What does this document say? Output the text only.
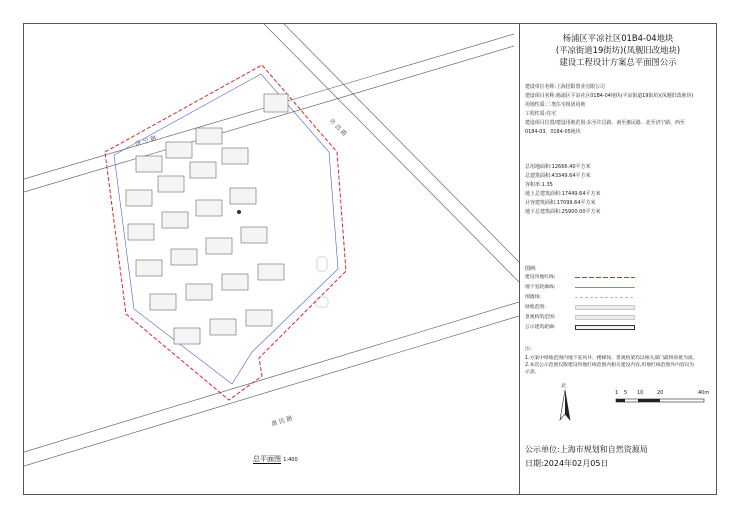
济 宁 路
许 昌 路
惠 民 路
总平面图 1:400
杨浦区平凉社区01B4-04地块
(平凉街道19街坊)(凤舰旧改地块)
建设工程设计方案总平面图公示
建设单位名称:上海招阳置业有限公司
建设项目名称:杨浦区平凉社区01B4-04地块(平凉街道19街坊)(凤舰旧改地块)
用地性质:二类住宅组团用地
工程性质:住宅
建设项目位置/建设用地范围:东至许昌路、南至惠民路、北至济宁路、西至
0184-03、0184-05地块
总用地面积:12666.40平方米
总建筑面积:43349.64平方米
容积率:1.35
地上总建筑面积:17449.64平方米
计容建筑面积:17099.64平方米
地下总建筑面积:25900.00平方米
图例:
建设用地红线:
地下室轮廓线:
围墙线:
绿地范围:
景观构筑范围:
公示建筑轮廓:
注:
1.方案中绿地范围内地下室风井、楼梯间、景观构架均以相关部门最终审批为准。
2.本次公示范围仅限建设用地红线范围内相关建设内容,用地红线范围外内容仅为
示意。
北
1 5 10	20	40m
公示单位:上海市规划和自然资源局
日期:2024年02月05日
